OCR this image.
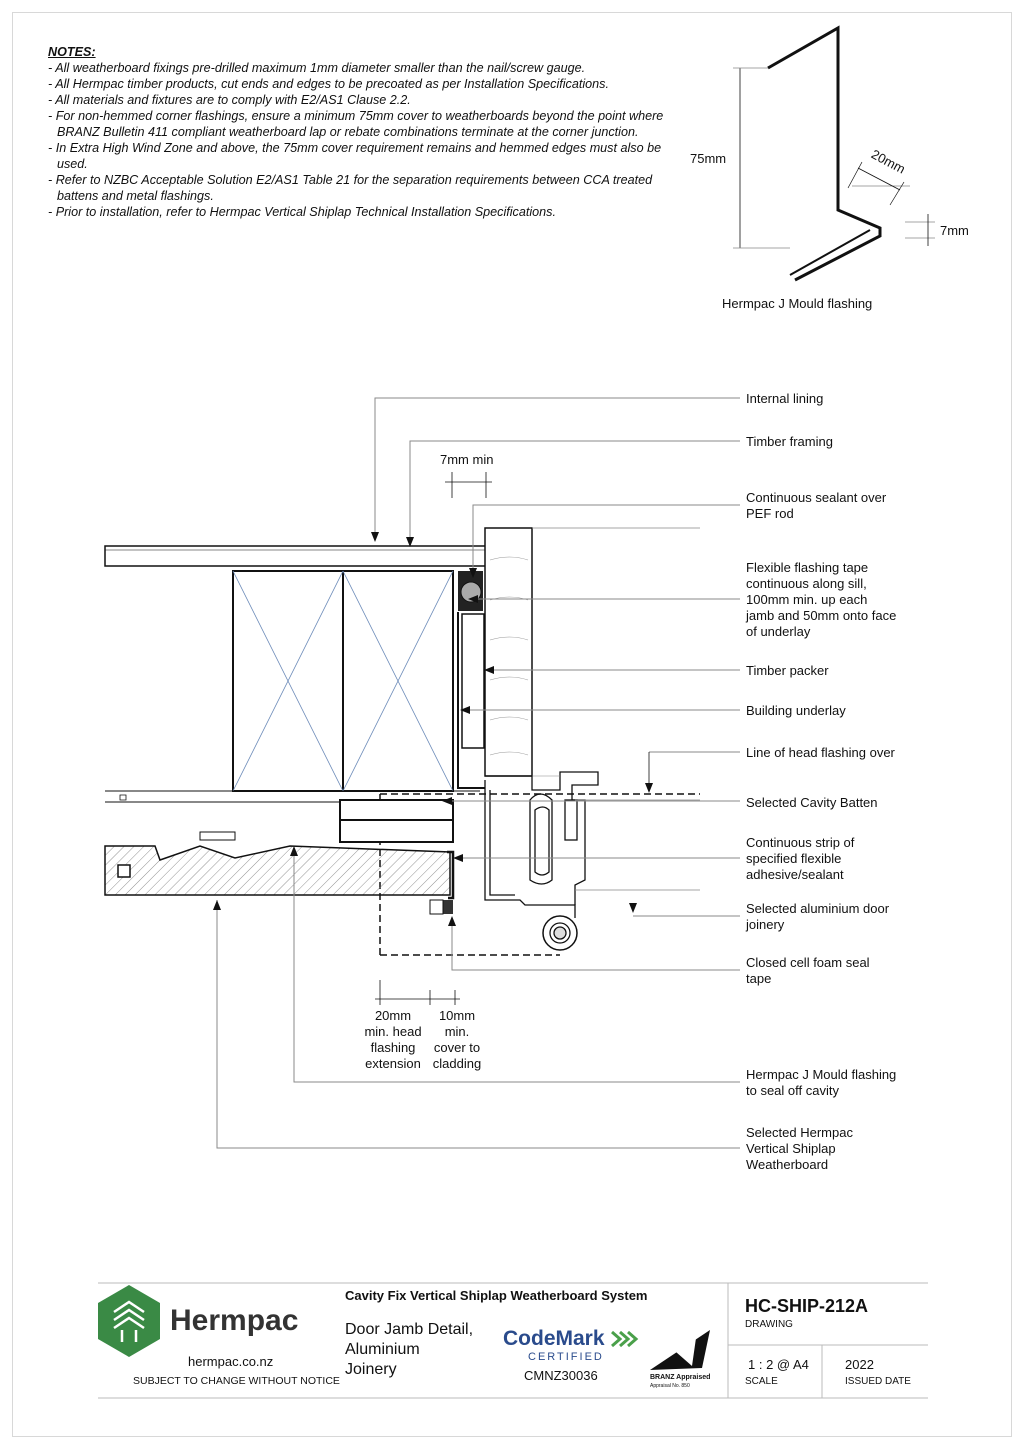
NOTES:
- All weatherboard fixings pre-drilled maximum 1mm diameter smaller than the nail/screw gauge.
- All Hermpac timber products, cut ends and edges to be precoated as per Installation Specifications.
- All materials and fixtures are to comply with E2/AS1 Clause 2.2.
- For non-hemmed corner flashings, ensure a minimum 75mm cover to weatherboards beyond the point where BRANZ Bulletin 411 compliant weatherboard lap or rebate combinations terminate at the corner junction.
- In Extra High Wind Zone and above, the 75mm cover requirement remains and hemmed edges must also be used.
- Refer to NZBC Acceptable Solution E2/AS1 Table 21 for the separation requirements between CCA treated battens and metal flashings.
- Prior to installation, refer to Hermpac Vertical Shiplap Technical Installation Specifications.
75mm	20mm
7mm
Hermpac J Mould flashing
7mm min
20mm
min. head
flashing
extension
10mm
min.
cover to
cladding
Internal lining
Timber framing
Continuous sealant over
PEF rod
Flexible flashing tape
continuous along sill,
100mm min. up each
jamb and 50mm onto face
of underlay
Timber packer
Building underlay
Line of head flashing over
Selected Cavity Batten
Continuous strip of
specified flexible
adhesive/sealant
Selected aluminium door
joinery
Closed cell foam seal
tape
Hermpac J Mould flashing
to seal off cavity
Selected Hermpac
Vertical Shiplap
Weatherboard
Hermpac
hermpac.co.nz
SUBJECT TO CHANGE WITHOUT NOTICE
Cavity Fix Vertical Shiplap Weatherboard System
Door Jamb Detail,
Aluminium
Joinery
CodeMark
CERTIFIED
CMNZ30036	BRANZ Appraised
Appraisal No. 850
HC-SHIP-212A
DRAWING
1 : 2 @ A4
SCALE
2022
ISSUED DATE
